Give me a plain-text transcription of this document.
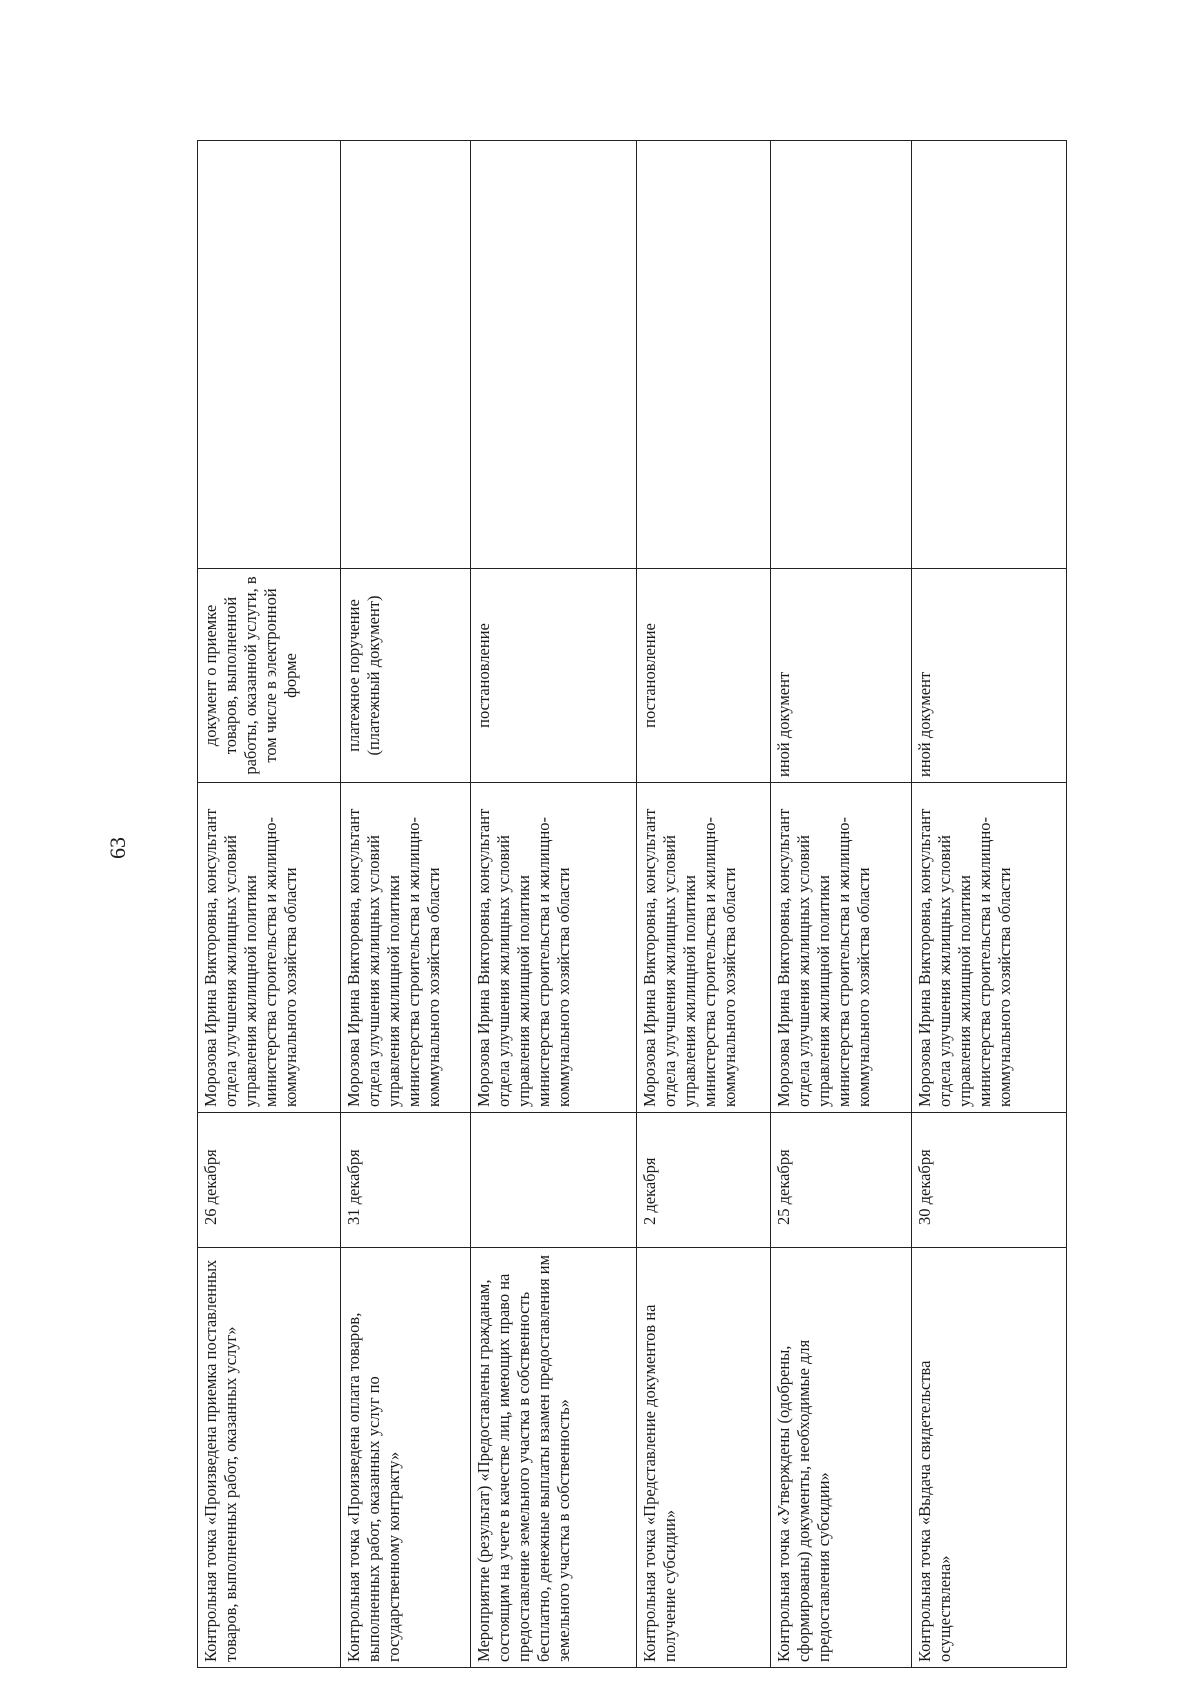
63
Контрольная точка «Произведена приемка поставленных товаров, выполненных работ, оказанных услуг»	26 декабря	Морозова Ирина Викторовна, консультант отдела улучшения жилищных условий управления жилищной политики министерства строительства и жилищно-коммунального хозяйства области	документ о приемке товаров, выполненной работы, оказанной услуги, в том числе в электронной форме	
Контрольная точка «Произведена оплата товаров, выполненных работ, оказанных услуг по государственному контракту»	31 декабря	Морозова Ирина Викторовна, консультант отдела улучшения жилищных условий управления жилищной политики министерства строительства и жилищно-коммунального хозяйства области	платежное поручение (платежный документ)	
Мероприятие (результат) «Предоставлены гражданам, состоящим на учете в качестве лиц, имеющих право на предоставление земельного участка в собственность бесплатно, денежные выплаты взамен предоставления им земельного участка в собственность»		Морозова Ирина Викторовна, консультант отдела улучшения жилищных условий управления жилищной политики министерства строительства и жилищно-коммунального хозяйства области	постановление	
Контрольная точка «Представление документов на получение субсидии»	2 декабря	Морозова Ирина Викторовна, консультант отдела улучшения жилищных условий управления жилищной политики министерства строительства и жилищно-коммунального хозяйства области	постановление	
Контрольная точка «Утверждены (одобрены, сформированы) документы, необходимые для предоставления субсидии»	25 декабря	Морозова Ирина Викторовна, консультант отдела улучшения жилищных условий управления жилищной политики министерства строительства и жилищно-коммунального хозяйства области	иной документ	
Контрольная точка «Выдача свидетельства осуществлена»	30 декабря	Морозова Ирина Викторовна, консультант отдела улучшения жилищных условий управления жилищной политики министерства строительства и жилищно-коммунального хозяйства области	иной документ	
